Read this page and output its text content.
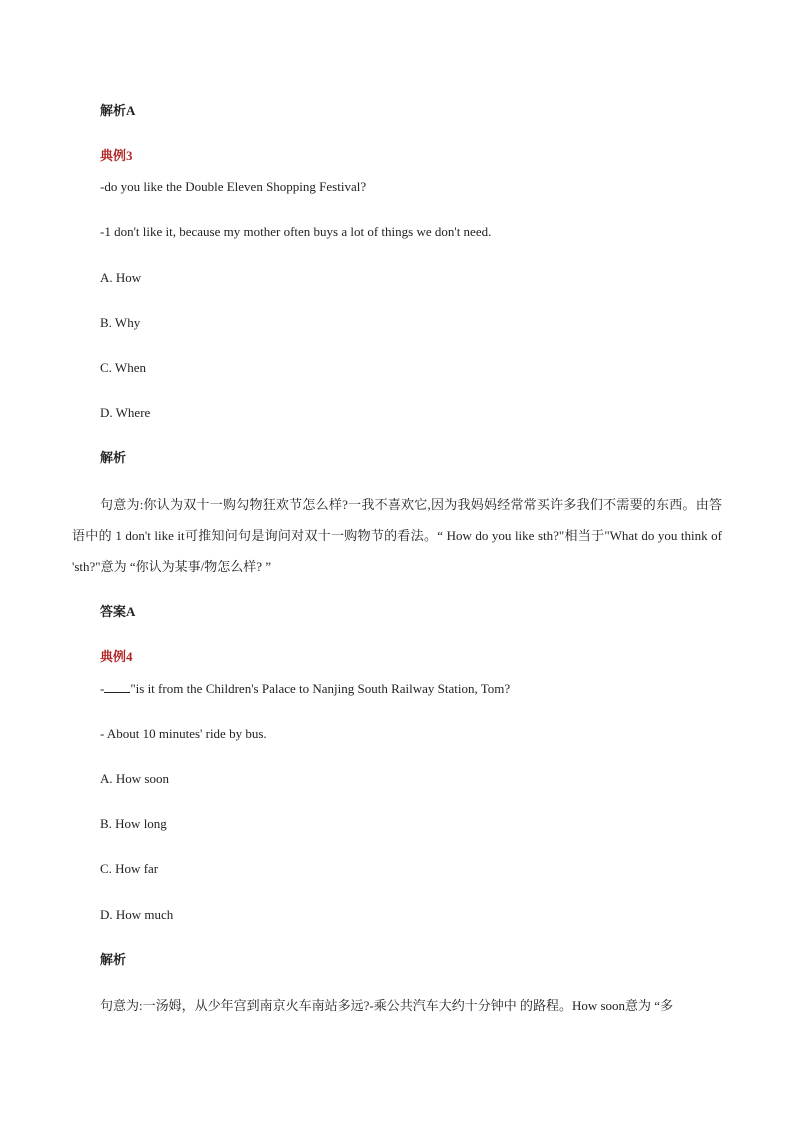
解析A
典例3
-do you like the Double Eleven Shopping Festival?
-1 don't like it, because my mother often buys a lot of things we don't need.
A. How
B. Why
C. When
D. Where
解析
句意为:你认为双十一购勾物狂欢节怎么样?一我不喜欢它,因为我妈妈经常常买许多我们不需要的东西。由答语中的 1 don't like it可推知问句是询问对双十一购物节的看法。“ How do you like sth?"相当于"What do you think of 'sth?"意为 “你认为某事/物怎么样? ”
答案A
典例4
- "is it from the Children's Palace to Nanjing South Railway Station, Tom?
- About 10 minutes' ride by bus.
A. How soon
B. How long
C. How far
D. How much
解析
句意为:一汤姆，从少年宫到南京火车南站多远?-乘公共汽车大约十分钟中 的路程。How soon意为 “多
